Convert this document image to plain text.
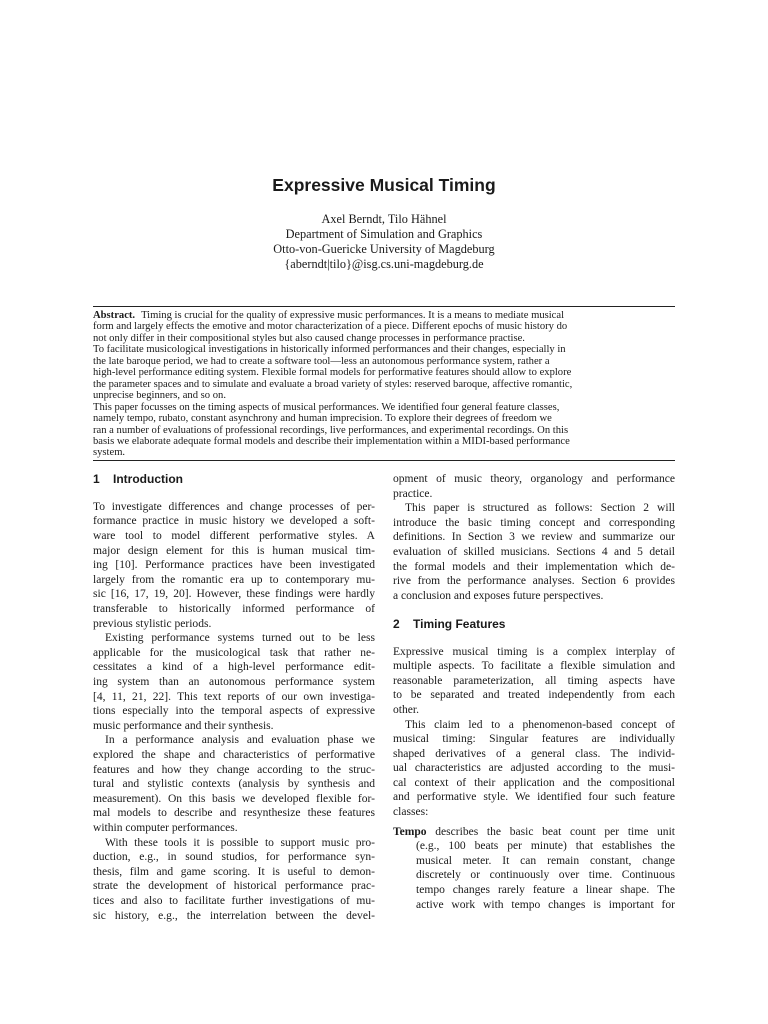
Expressive Musical Timing
Axel Berndt, Tilo Hähnel
Department of Simulation and Graphics
Otto-von-Guericke University of Magdeburg
{aberndt|tilo}@isg.cs.uni-magdeburg.de
Abstract. Timing is crucial for the quality of expressive music performances. It is a means to mediate musical
form and largely effects the emotive and motor characterization of a piece. Different epochs of music history do
not only differ in their compositional styles but also caused change processes in performance practise.
To facilitate musicological investigations in historically informed performances and their changes, especially in
the late baroque period, we had to create a software tool—less an autonomous performance system, rather a
high-level performance editing system. Flexible formal models for performative features should allow to explore
the parameter spaces and to simulate and evaluate a broad variety of styles: reserved baroque, affective romantic,
unprecise beginners, and so on.
This paper focusses on the timing aspects of musical performances. We identified four general feature classes,
namely tempo, rubato, constant asynchrony and human imprecision. To explore their degrees of freedom we
ran a number of evaluations of professional recordings, live performances, and experimental recordings. On this
basis we elaborate adequate formal models and describe their implementation within a MIDI-based performance
system.
1 Introduction
To investigate differences and change processes of per-
formance practice in music history we developed a soft-
ware tool to model different performative styles. A
major design element for this is human musical tim-
ing [10]. Performance practices have been investigated
largely from the romantic era up to contemporary mu-
sic [16, 17, 19, 20]. However, these findings were hardly
transferable to historically informed performance of
previous stylistic periods.
Existing performance systems turned out to be less
applicable for the musicological task that rather ne-
cessitates a kind of a high-level performance edit-
ing system than an autonomous performance system
[4, 11, 21, 22]. This text reports of our own investiga-
tions especially into the temporal aspects of expressive
music performance and their synthesis.
In a performance analysis and evaluation phase we
explored the shape and characteristics of performative
features and how they change according to the struc-
tural and stylistic contexts (analysis by synthesis and
measurement). On this basis we developed flexible for-
mal models to describe and resynthesize these features
within computer performances.
With these tools it is possible to support music pro-
duction, e.g., in sound studios, for performance syn-
thesis, film and game scoring. It is useful to demon-
strate the development of historical performance prac-
tices and also to facilitate further investigations of mu-
sic history, e.g., the interrelation between the devel-
opment of music theory, organology and performance
practice.
This paper is structured as follows: Section 2 will
introduce the basic timing concept and corresponding
definitions. In Section 3 we review and summarize our
evaluation of skilled musicians. Sections 4 and 5 detail
the formal models and their implementation which de-
rive from the performance analyses. Section 6 provides
a conclusion and exposes future perspectives.
2 Timing Features
Expressive musical timing is a complex interplay of
multiple aspects. To facilitate a flexible simulation and
reasonable parameterization, all timing aspects have
to be separated and treated independently from each
other.
This claim led to a phenomenon-based concept of
musical timing: Singular features are individually
shaped derivatives of a general class. The individ-
ual characteristics are adjusted according to the musi-
cal context of their application and the compositional
and performative style. We identified four such feature
classes:
Tempo describes the basic beat count per time unit
(e.g., 100 beats per minute) that establishes the
musical meter. It can remain constant, change
discretely or continuously over time. Continuous
tempo changes rarely feature a linear shape. The
active work with tempo changes is important for
